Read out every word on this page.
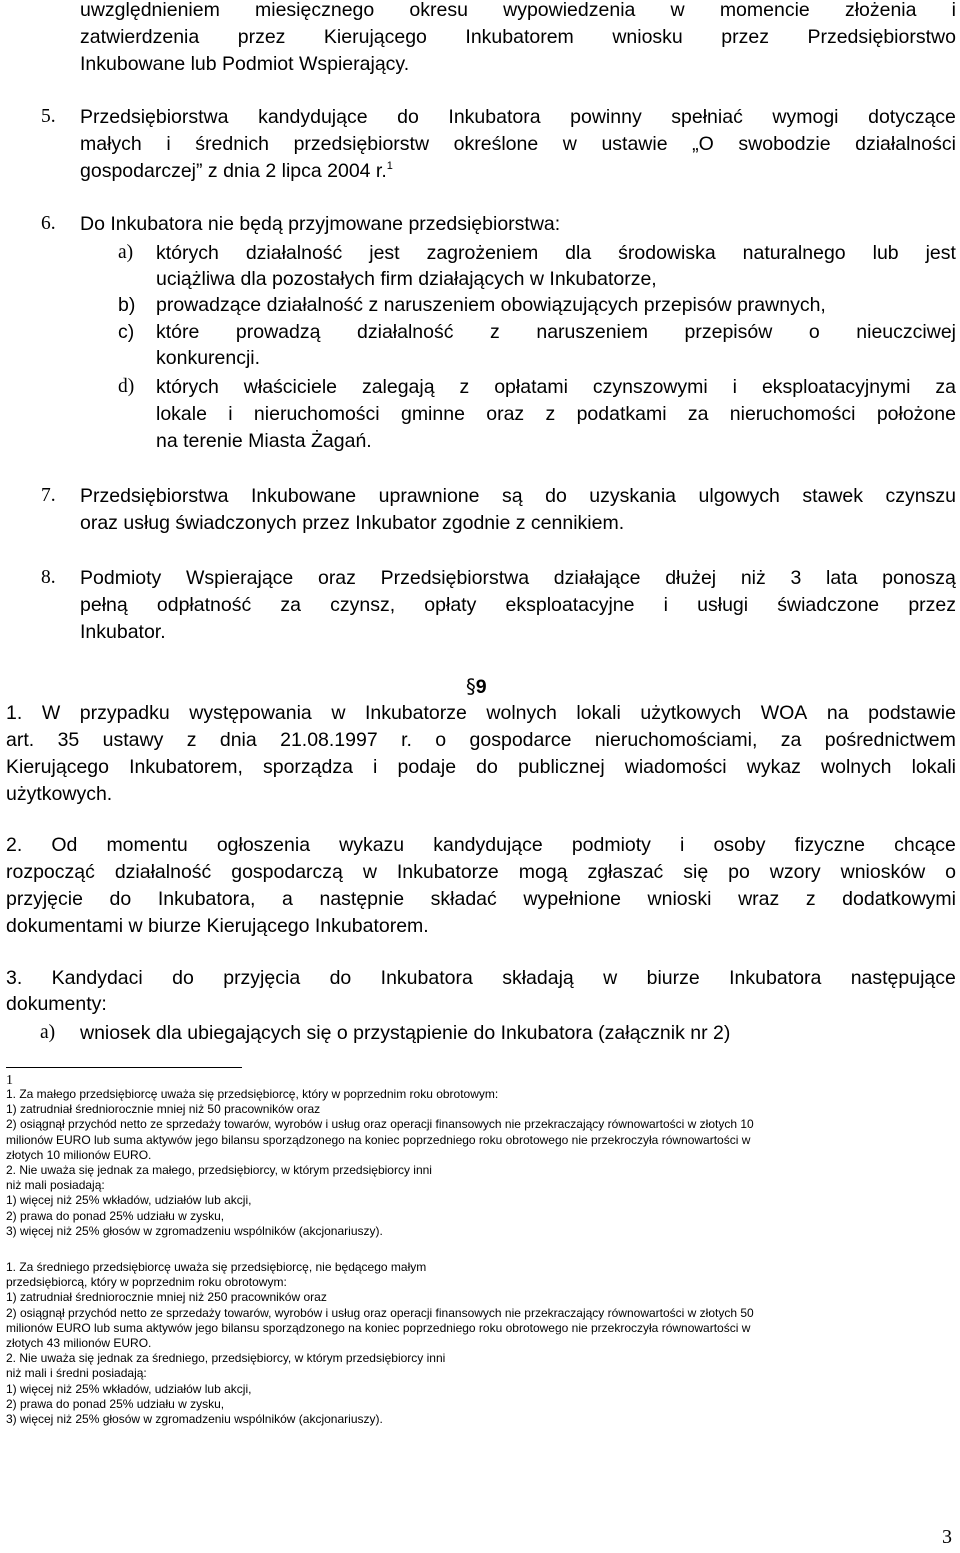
uwzględnieniem miesięcznego okresu wypowiedzenia w momencie złożenia i
zatwierdzenia przez Kierującego Inkubatorem wniosku przez Przedsiębiorstwo
Inkubowane lub Podmiot Wspierający.
5. Przedsiębiorstwa kandydujące do Inkubatora powinny spełniać wymogi dotyczące
małych i średnich przedsiębiorstw określone w ustawie „O swobodzie działalności
gospodarczej” z dnia 2 lipca 2004 r.$^1$
6. Do Inkubatora nie będą przyjmowane przedsiębiorstwa:
a) których działalność jest zagrożeniem dla środowiska naturalnego lub jest
uciążliwa dla pozostałych firm działających w Inkubatorze,
b) prowadzące działalność z naruszeniem obowiązujących przepisów prawnych,
c) które prowadzą działalność z naruszeniem przepisów o nieuczciwej
konkurencji.
d) których właściciele zalegają z opłatami czynszowymi i eksploatacyjnymi za
lokale i nieruchomości gminne oraz z podatkami za nieruchomości położone
na terenie Miasta Żagań.
7. Przedsiębiorstwa Inkubowane uprawnione są do uzyskania ulgowych stawek czynszu
oraz usług świadczonych przez Inkubator zgodnie z cennikiem.
8. Podmioty Wspierające oraz Przedsiębiorstwa działające dłużej niż 3 lata ponoszą
pełną odpłatność za czynsz, opłaty eksploatacyjne i usługi świadczone przez
Inkubator.
§9
1. W przypadku występowania w Inkubatorze wolnych lokali użytkowych WOA na podstawie
art. 35 ustawy z dnia 21.08.1997 r. o gospodarce nieruchomościami, za pośrednictwem
Kierującego Inkubatorem, sporządza i podaje do publicznej wiadomości wykaz wolnych lokali
użytkowych.
2. Od momentu ogłoszenia wykazu kandydujące podmioty i osoby fizyczne chcące
rozpocząć działalność gospodarczą w Inkubatorze mogą zgłaszać się po wzory wniosków o
przyjęcie do Inkubatora, a następnie składać wypełnione wnioski wraz z dodatkowymi
dokumentami w biurze Kierującego Inkubatorem.
3. Kandydaci do przyjęcia do Inkubatora składają w biurze Inkubatora następujące
dokumenty:
a) wniosek dla ubiegających się o przystąpienie do Inkubatora (załącznik nr 2)
1
1. Za małego przedsiębiorcę uważa się przedsiębiorcę, który w poprzednim roku obrotowym:
1) zatrudniał średniorocznie mniej niż 50 pracowników oraz
2) osiągnął przychód netto ze sprzedaży towarów, wyrobów i usług oraz operacji finansowych nie przekraczający równowartości w złotych 10
milionów EURO lub suma aktywów jego bilansu sporządzonego na koniec poprzedniego roku obrotowego nie przekroczyła równowartości w
złotych 10 milionów EURO.
2. Nie uważa się jednak za małego, przedsiębiorcy, w którym przedsiębiorcy inni
niż mali posiadają:
1) więcej niż 25% wkładów, udziałów lub akcji,
2) prawa do ponad 25% udziału w zysku,
3) więcej niż 25% głosów w zgromadzeniu wspólników (akcjonariuszy).
1. Za średniego przedsiębiorcę uważa się przedsiębiorcę, nie będącego małym
przedsiębiorcą, który w poprzednim roku obrotowym:
1) zatrudniał średniorocznie mniej niż 250 pracowników oraz
2) osiągnął przychód netto ze sprzedaży towarów, wyrobów i usług oraz operacji finansowych nie przekraczający równowartości w złotych 50
milionów EURO lub suma aktywów jego bilansu sporządzonego na koniec poprzedniego roku obrotowego nie przekroczyła równowartości w
złotych 43 milionów EURO.
2. Nie uważa się jednak za średniego, przedsiębiorcy, w którym przedsiębiorcy inni
niż mali i średni posiadają:
1) więcej niż 25% wkładów, udziałów lub akcji,
2) prawa do ponad 25% udziału w zysku,
3) więcej niż 25% głosów w zgromadzeniu wspólników (akcjonariuszy).
3
